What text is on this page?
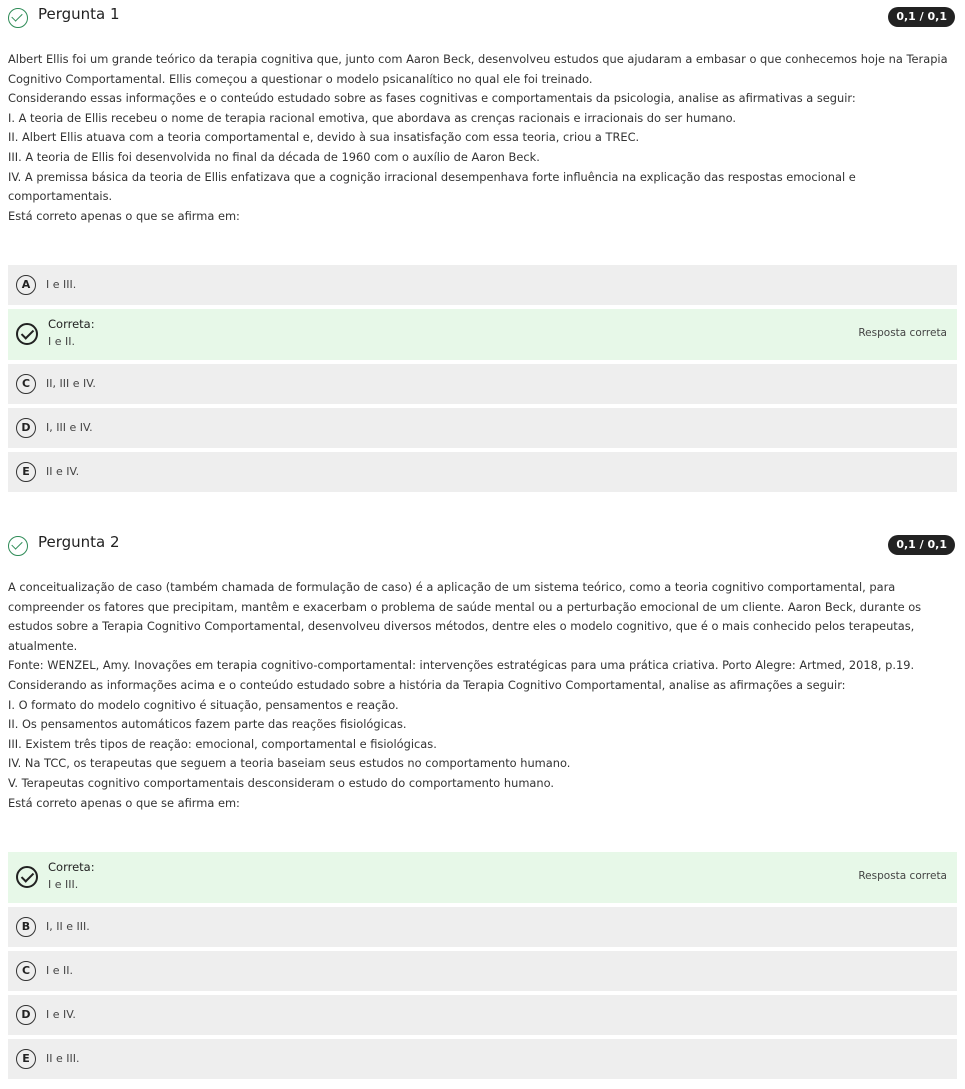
Pergunta 1	0,1 / 0,1
Albert Ellis foi um grande teórico da terapia cognitiva que, junto com Aaron Beck, desenvolveu estudos que ajudaram a embasar o que conhecemos hoje na Terapia Cognitivo Comportamental. Ellis começou a questionar o modelo psicanalítico no qual ele foi treinado.
Considerando essas informações e o conteúdo estudado sobre as fases cognitivas e comportamentais da psicologia, analise as afirmativas a seguir:
I. A teoria de Ellis recebeu o nome de terapia racional emotiva, que abordava as crenças racionais e irracionais do ser humano.
II. Albert Ellis atuava com a teoria comportamental e, devido à sua insatisfação com essa teoria, criou a TREC.
III. A teoria de Ellis foi desenvolvida no final da década de 1960 com o auxílio de Aaron Beck.
IV. A premissa básica da teoria de Ellis enfatizava que a cognição irracional desempenhava forte influência na explicação das respostas emocional e comportamentais.
Está correto apenas o que se afirma em:
A	I e III.
Correta:
I e II.
Resposta correta
C	II, III e IV.
D	I, III e IV.
E	II e IV.
Pergunta 2	0,1 / 0,1
A conceitualização de caso (também chamada de formulação de caso) é a aplicação de um sistema teórico, como a teoria cognitivo comportamental, para compreender os fatores que precipitam, mantêm e exacerbam o problema de saúde mental ou a perturbação emocional de um cliente. Aaron Beck, durante os estudos sobre a Terapia Cognitivo Comportamental, desenvolveu diversos métodos, dentre eles o modelo cognitivo, que é o mais conhecido pelos terapeutas, atualmente.
Fonte: WENZEL, Amy. Inovações em terapia cognitivo-comportamental: intervenções estratégicas para uma prática criativa. Porto Alegre: Artmed, 2018, p.19.
Considerando as informações acima e o conteúdo estudado sobre a história da Terapia Cognitivo Comportamental, analise as afirmações a seguir:
I. O formato do modelo cognitivo é situação, pensamentos e reação.
II. Os pensamentos automáticos fazem parte das reações fisiológicas.
III. Existem três tipos de reação: emocional, comportamental e fisiológicas.
IV. Na TCC, os terapeutas que seguem a teoria baseiam seus estudos no comportamento humano.
V. Terapeutas cognitivo comportamentais desconsideram o estudo do comportamento humano.
Está correto apenas o que se afirma em:
Correta:
I e III.
Resposta correta
B	I, II e III.
C	I e II.
D	I e IV.
E	II e III.
